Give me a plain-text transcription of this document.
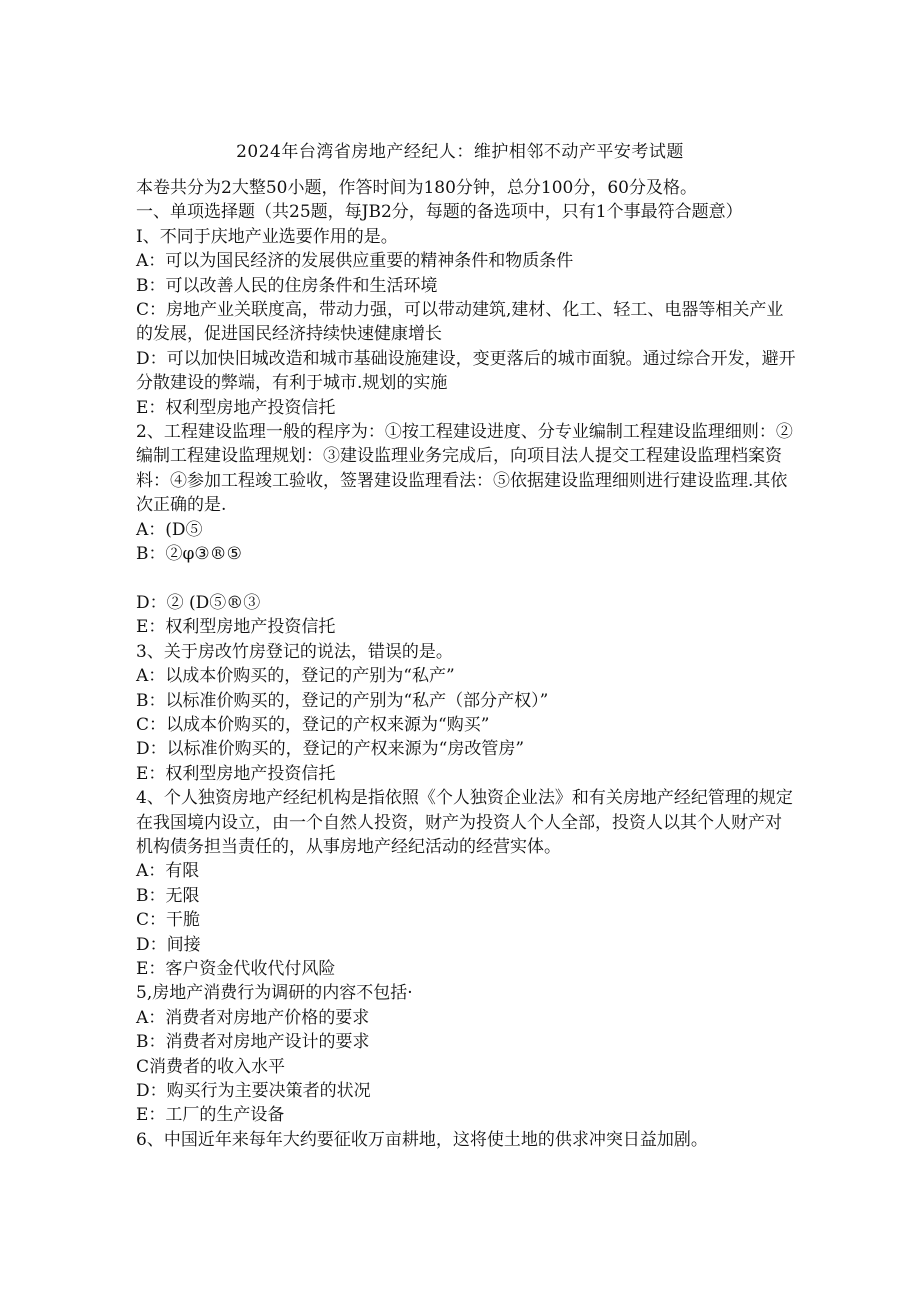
2024年台湾省房地产经纪人：维护相邻不动产平安考试题

本卷共分为2大整50小题，作答时间为180分钟，总分100分，60分及格。

一、单项选择题（共25题，每JB2分，每题的备选项中，只有1个事最符合题意）

I、不同于庆地产业选要作用的是。

A：可以为国民经济的发展供应重要的精神条件和物质条件

B：可以改善人民的住房条件和生活环境

C：房地产业关联度高，带动力强，可以带动建筑,建材、化工、轻工、电器等相关产业的发展，促进国民经济持续快速健康增长

D：可以加快旧城改造和城市基础设施建设，变更落后的城市面貌。通过综合开发，避开分散建设的弊端，有利于城市.规划的实施

E：权利型房地产投资信托

2、工程建设监理一般的程序为：①按工程建设进度、分专业编制工程建设监理细则：②编制工程建设监理规划：③建设监理业务完成后，向项目法人提交工程建设监理档案资料：④参加工程竣工验收，签署建设监理看法：⑤依据建设监理细则进行建设监理.其依次正确的是.

A：(D⑤

B：②φ③®⑤

D：② (D⑤®③

E：权利型房地产投资信托

3、关于房改竹房登记的说法，错误的是。

A：以成本价购买的，登记的产别为“私产”

B：以标准价购买的，登记的产别为“私产（部分产权）”

C：以成本价购买的，登记的产权来源为“购买”

D：以标准价购买的，登记的产权来源为“房改管房”

E：权利型房地产投资信托

4、个人独资房地产经纪机构是指依照《个人独资企业法》和有关房地产经纪管理的规定在我国境内设立，由一个自然人投资，财产为投资人个人全部，投资人以其个人财产对机构债务担当责任的，从事房地产经纪活动的经营实体。

A：有限

B：无限

C：干脆

D：间接

E：客户资金代收代付风险

5,房地产消费行为调研的内容不包括·

A：消费者对房地产价格的要求

B：消费者对房地产设计的要求

C消费者的收入水平

D：购买行为主要决策者的状况

E：工厂的生产设备

6、中国近年来每年大约要征收万亩耕地，这将使土地的供求冲突日益加剧。
